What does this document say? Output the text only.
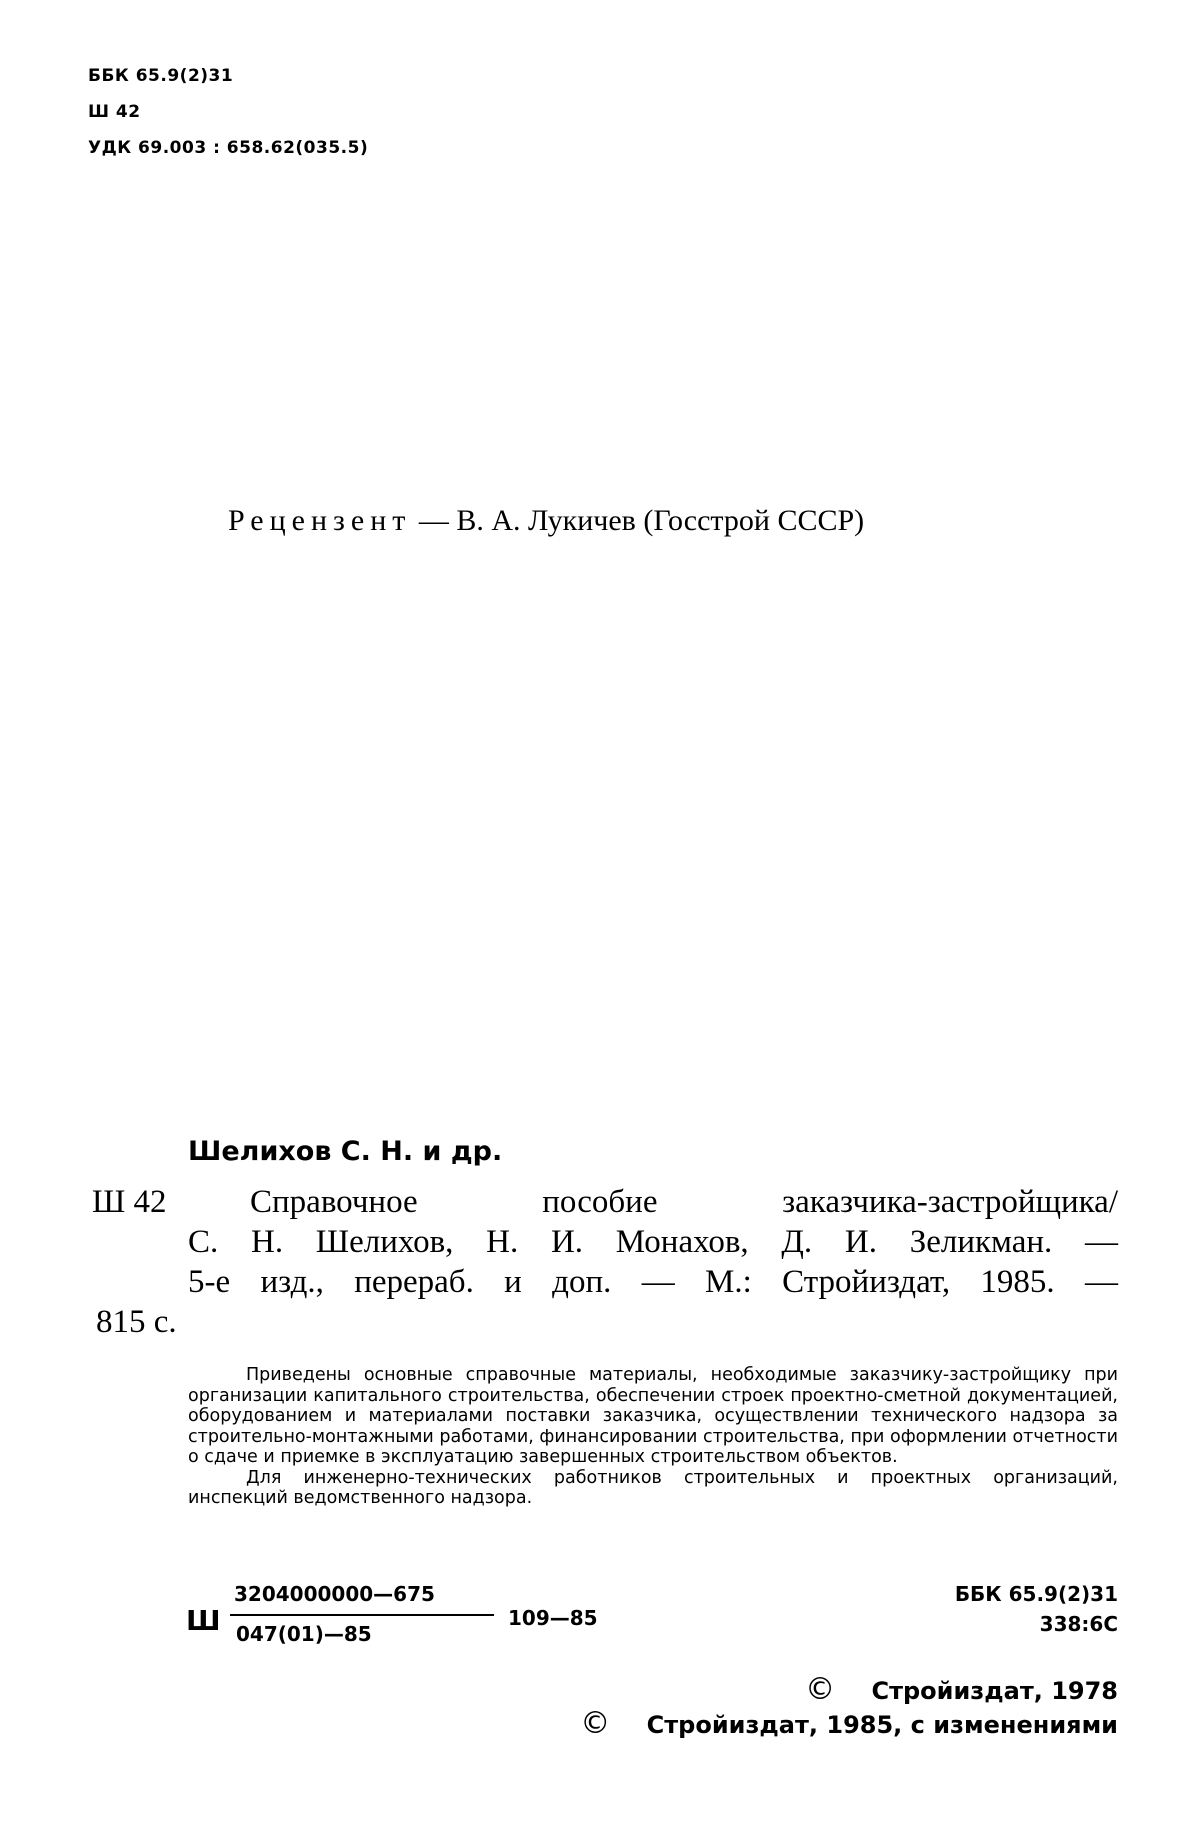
ББК 65.9(2)31
Ш 42
УДК 69.003 : 658.62(035.5)
Рецензент — В. А. Лукичев (Госстрой СССР)
Шелихов С. Н. и др.
Ш 42	Справочное пособие заказчика-застройщика/
С. Н. Шелихов, Н. И. Монахов, Д. И. Зеликман. —
5-е изд., перераб. и доп. — М.: Стройиздат, 1985. —
815 с.

Приведены основные справочные материалы, необходимые заказчику-застройщику при организации капитального строительства, обеспечении строек проектно-сметной документацией, оборудованием и материалами поставки заказчика, осуществлении технического надзора за строительно-монтажными работами, финансировании строительства, при оформлении отчетности о сдаче и приемке в эксплуатацию завершенных строительством объектов.

Для инженерно-технических работников строительных и проектных организаций, инспекций ведомственного надзора.

Ш
3204000000—675
047(01)—85
109—85
ББК 65.9(2)31
338:6С
© Стройиздат, 1978
© Стройиздат, 1985, с изменениями
